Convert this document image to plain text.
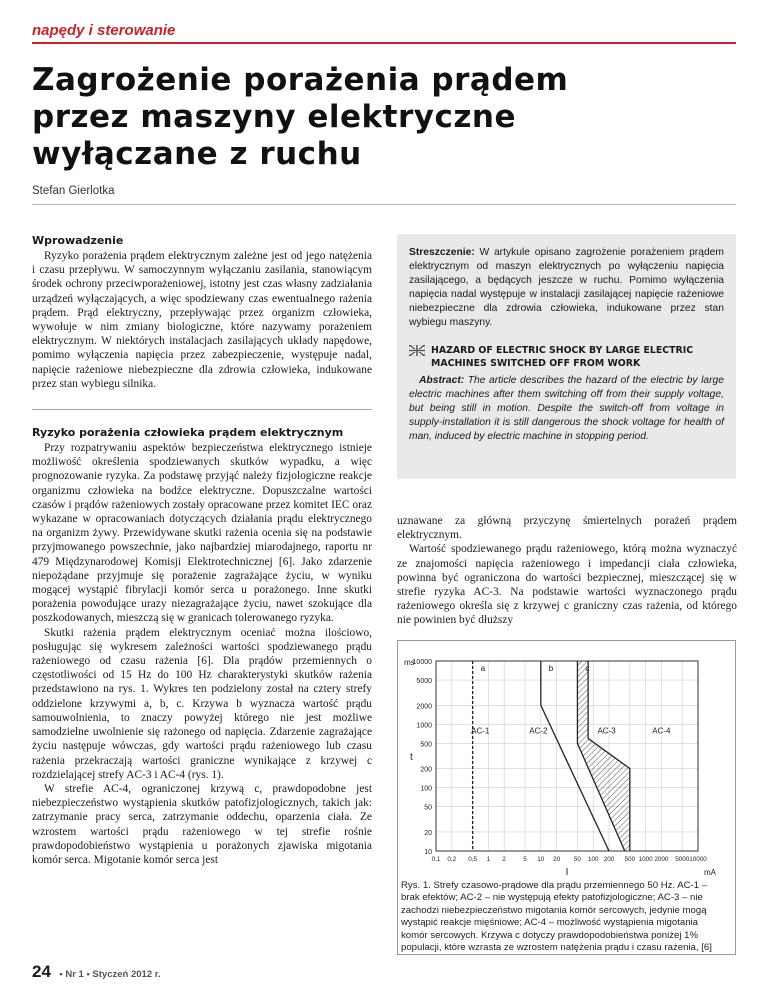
napędy i sterowanie
Zagrożenie porażenia prądem
przez maszyny elektryczne
wyłączane z ruchu
Stefan Gierlotka
Wprowadzenie

Ryzyko porażenia prądem elektrycznym zależne jest od jego natężenia i czasu przepływu. W samoczynnym wyłączaniu zasilania, stanowiącym środek ochrony przeciwporażeniowej, istotny jest czas własny zadziałania urządzeń wyłączających, a więc spodziewany czas ewentualnego rażenia prądem. Prąd elektryczny, przepływając przez organizm człowieka, wywołuje w nim zmiany biologiczne, które nazywamy porażeniem elektrycznym. W niektórych instalacjach zasilających układy napędowe, pomimo wyłączenia napięcia przez zabezpieczenie, występuje nadal, napięcie rażeniowe niebezpieczne dla zdrowia człowieka, indukowane przez stan wybiegu silnika.

Ryzyko porażenia człowieka prądem elektrycznym

Przy rozpatrywaniu aspektów bezpieczeństwa elektrycznego istnieje możliwość określenia spodziewanych skutków wypadku, a więc prognozowanie ryzyka. Za podstawę przyjąć należy fizjologiczne reakcje organizmu człowieka na bodźce elektryczne. Dopuszczalne wartości czasów i prądów rażeniowych zostały opracowane przez komitet IEC oraz wykazane w opracowaniach dotyczących działania prądu elektrycznego na organizm żywy. Przewidywane skutki rażenia ocenia się na podstawie przyjmowanego powszechnie, jako najbardziej miarodajnego, raportu nr 479 Międzynarodowej Komisji Elektrotechnicznej [6]. Jako zdarzenie niepożądane przyjmuje się porażenie zagrażające życiu, w wyniku mogącej wystąpić fibrylacji komór serca u porażonego. Inne skutki porażenia powodujące urazy niezagrażające życiu, nawet szokujące dla poszkodowanych, mieszczą się w granicach tolerowanego ryzyka.

Skutki rażenia prądem elektrycznym oceniać można ilościowo, posługując się wykresem zależności wartości spodziewanego prądu rażeniowego od czasu rażenia [6]. Dla prądów przemiennych o częstotliwości od 15 Hz do 100 Hz charakterystyki skutków rażenia przedstawiono na rys. 1. Wykres ten podzielony został na cztery strefy oddzielone krzywymi a, b, c. Krzywa b wyznacza wartość prądu samouwolnienia, to znaczy powyżej którego nie jest możliwe samodzielne uwolnienie się rażonego od napięcia. Zdarzenie zagrażające życiu następuje wówczas, gdy wartości prądu rażeniowego lub czasu rażenia przekraczają wartości graniczne wynikające z krzywej c rozdzielającej strefy AC-3 i AC-4 (rys. 1).

W strefie AC-4, ograniczonej krzywą c, prawdopodobne jest niebezpieczeństwo wystąpienia skutków patofizjologicznych, takich jak: zatrzymanie pracy serca, zatrzymanie oddechu, oparzenia ciała. Ze wzrostem wartości prądu rażeniowego w tej strefie rośnie prawdopodobieństwo wystąpienia u porażonych zjawiska migotania komór serca. Migotanie komór serca jest

Streszczenie: W artykule opisano zagrożenie porażeniem prądem elektrycznym od maszyn elektrycznych po wyłączeniu napięcia zasilającego, a będących jeszcze w ruchu. Pomimo wyłączenia napięcia nadal występuje w instalacji zasilającej napięcie rażeniowe niebezpieczne dla zdrowia człowieka, indukowane przez stan wybiegu maszyny.

HAZARD OF ELECTRIC SHOCK BY LARGE ELECTRIC MACHINES SWITCHED OFF FROM WORK

Abstract: The article describes the hazard of the electric by large electric machines after them switching off from their supply voltage, but being still in motion. Despite the switch-off from voltage in supply-installation it is still dangerous the shock voltage for health of man, induced by electric machine in stopping period.

uznawane za główną przyczynę śmiertelnych porażeń prądem elektrycznym.

Wartość spodziewanego prądu rażeniowego, którą można wyznaczyć ze znajomości napięcia rażeniowego i impedancji ciała człowieka, powinna być ograniczona do wartości bezpiecznej, mieszczącej się w strefie ryzyka AC-3. Na podstawie wartości wyznaczonego prądu rażeniowego określa się z krzywej c graniczny czas rażenia, od którego nie powinien być dłuższy

a	b	c
AC-1	AC-2	AC-3	AC-4
10
20
50
100
200
500
1000
2000
5000
10000
0,1 0,2 0,5 1 2	5 10 20 50 100 200 500 1000 2000 5000 10000
ms
t
I	mA
Rys. 1. Strefy czasowo-prądowe dla prądu przemiennego 50 Hz. AC-1 – brak efektów; AC-2 – nie występują efekty patofizjologiczne; AC-3 – nie zachodzi niebezpieczeństwo migotania komór sercowych, jedynie mogą wystąpić reakcje mięśniowe; AC-4 – możliwość wystąpienia migotania komór sercowych. Krzywa c dotyczy prawdopodobieństwa poniżej 1% populacji, które wzrasta ze wzrostem natężenia prądu i czasu rażenia, [6]
24 • Nr 1 • Styczeń 2012 r.
